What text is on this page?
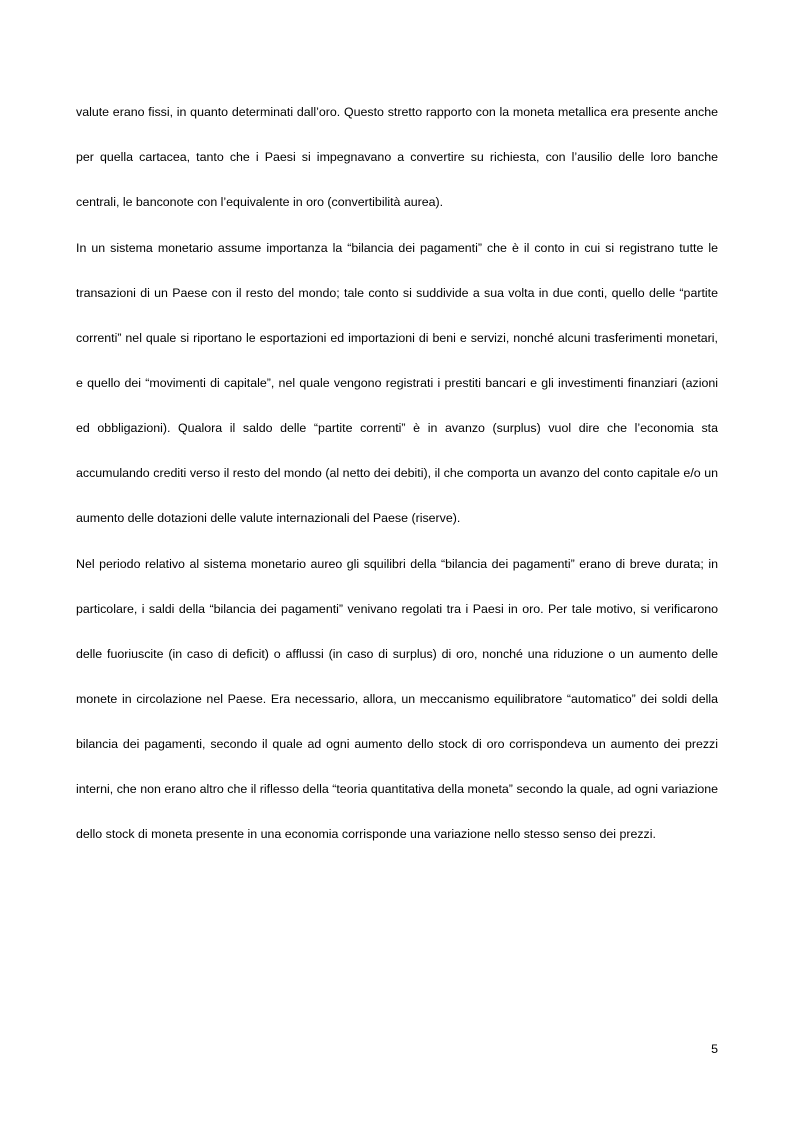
valute erano fissi, in quanto determinati dall’oro. Questo stretto rapporto con la moneta metallica era presente anche per quella cartacea, tanto che i Paesi si impegnavano a convertire su richiesta, con l’ausilio delle loro banche centrali, le banconote con l’equivalente in oro (convertibilità aurea).

In un sistema monetario assume importanza la “bilancia dei pagamenti” che è il conto in cui si registrano tutte le transazioni di un Paese con il resto del mondo; tale conto si suddivide a sua volta in due conti, quello delle “partite correnti” nel quale si riportano le esportazioni ed importazioni di beni e servizi, nonché alcuni trasferimenti monetari, e quello dei “movimenti di capitale”, nel quale vengono registrati i prestiti bancari e gli investimenti finanziari (azioni ed obbligazioni). Qualora il saldo delle “partite correnti” è in avanzo (surplus) vuol dire che l’economia sta accumulando crediti verso il resto del mondo (al netto dei debiti), il che comporta un avanzo del conto capitale e/o un aumento delle dotazioni delle valute internazionali del Paese (riserve).

Nel periodo relativo al sistema monetario aureo gli squilibri della “bilancia dei pagamenti” erano di breve durata; in particolare, i saldi della “bilancia dei pagamenti” venivano regolati tra i Paesi in oro. Per tale motivo, si verificarono delle fuoriuscite (in caso di deficit) o afflussi (in caso di surplus) di oro, nonché una riduzione o un aumento delle monete in circolazione nel Paese. Era necessario, allora, un meccanismo equilibratore “automatico” dei soldi della bilancia dei pagamenti, secondo il quale ad ogni aumento dello stock di oro corrispondeva un aumento dei prezzi interni, che non erano altro che il riflesso della “teoria quantitativa della moneta” secondo la quale, ad ogni variazione dello stock di moneta presente in una economia corrisponde una variazione nello stesso senso dei prezzi.

5
